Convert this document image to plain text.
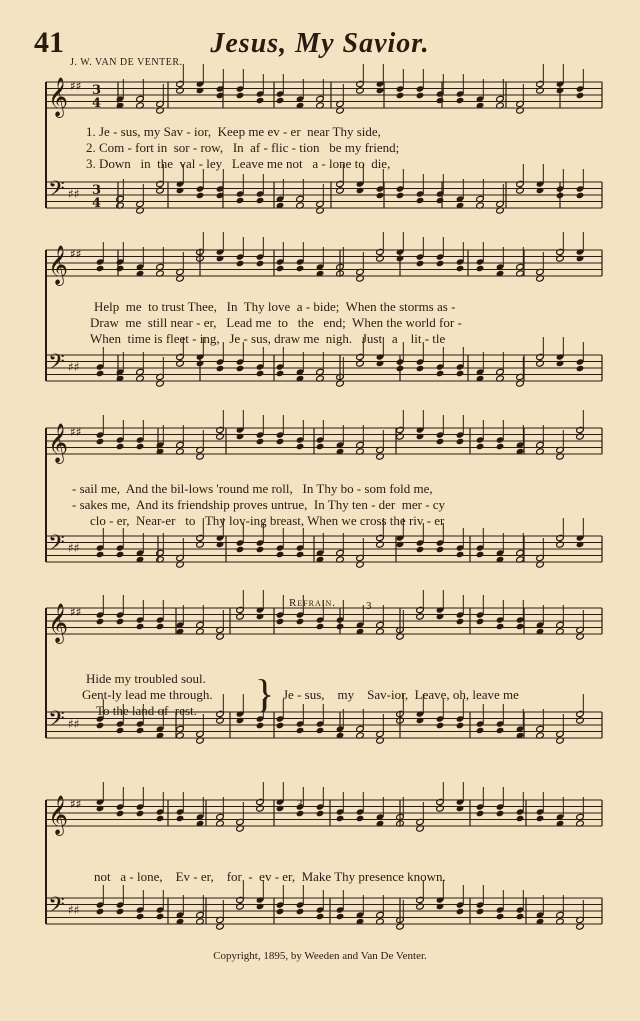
41	Jesus, My Savior.
J. W. VAN DE VENTER.
𝄞 ♯♯
𝄢 ♯♯
3
4
3
4
𝄞 ♯♯
𝄢 ♯♯
𝄞 ♯♯
𝄢 ♯♯
𝄞 ♯♯
𝄢 ♯♯
𝄞 ♯♯
𝄢 ♯♯
1. Je - sus, my Sav - ior,  Keep me ev - er  near Thy side,
2. Com - fort in  sor - row,   In  af - flic - tion   be my friend;
3. Down   in  the  val - ley   Leave me not   a - lone to  die,
Help  me  to trust Thee,   In  Thy love  a - bide;  When the storms as -
Draw  me  still near - er,   Lead me  to   the   end;  When the world for -
When  time is fleet - ing,   Je - sus, draw me  nigh.   Just   a    lit - tle
- sail me,  And the bil-lows 'round me roll,   In Thy bo - som fold me,
- sakes me,  And its friendship proves untrue,  In Thy ten - der  mer - cy
clo - er,  Near-er   to   Thy lov-ing breast, When we cross the riv - er
Refrain.	3
Hide my troubled soul.
Gent-ly lead me through.
To the land of  rest. } Je - sus,    my    Sav-ior,  Leave, oh, leave me
3
not   a - lone,    Ev - er,    for  -  ev - er,  Make Thy presence known.
Copyright, 1895, by Weeden and Van De Venter.
